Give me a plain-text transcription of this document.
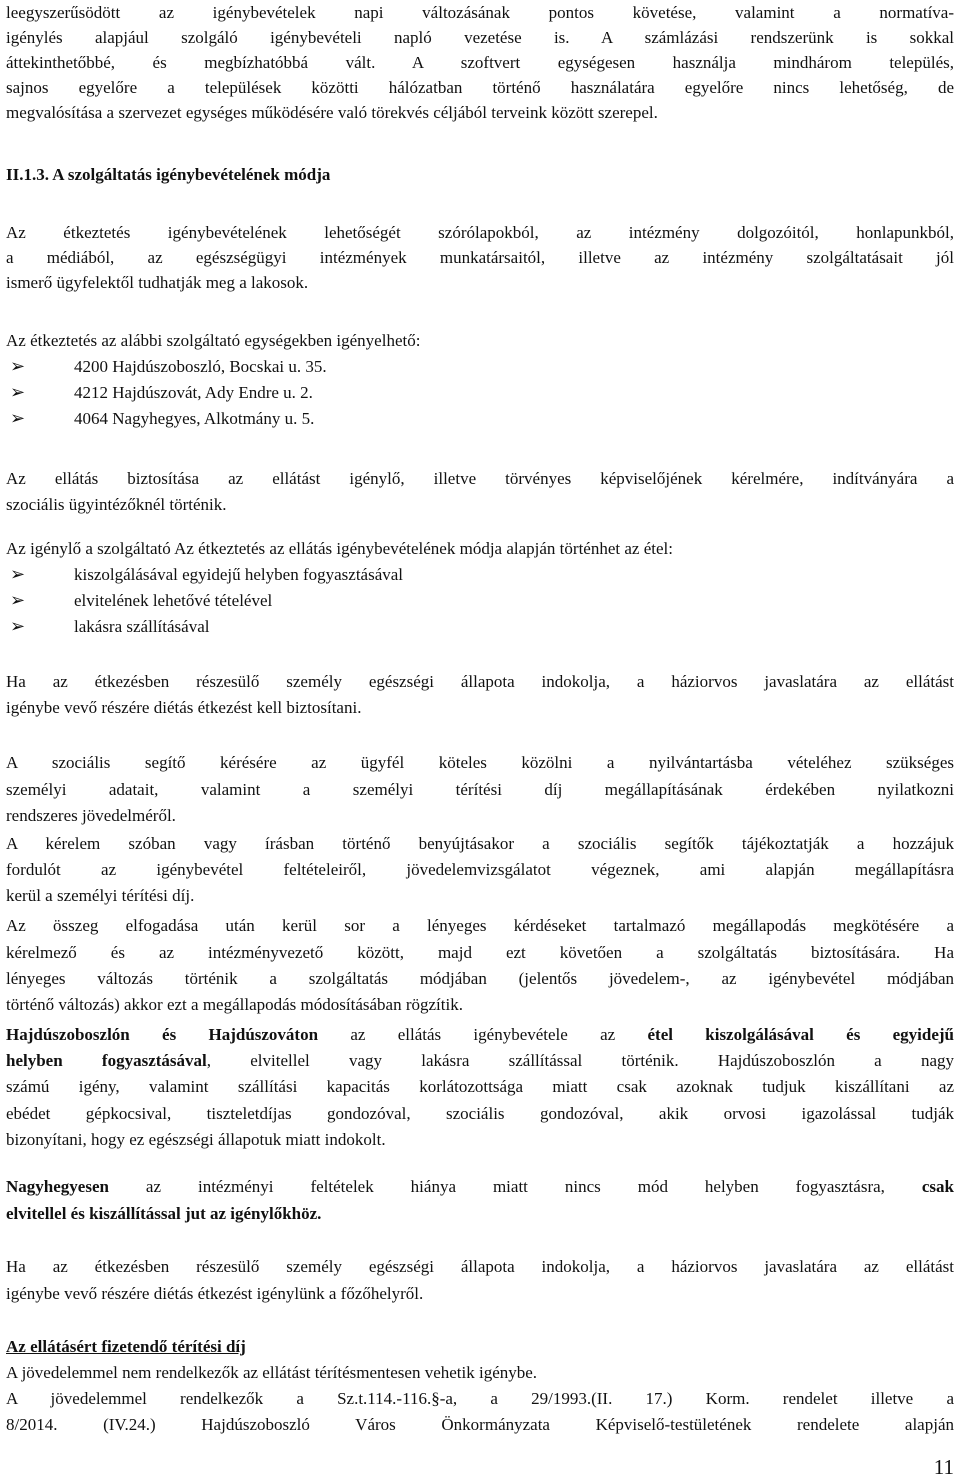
leegyszerűsödött az igénybevételek napi változásának pontos követése, valamint a normatíva-

igénylés alapjául szolgáló igénybevételi napló vezetése is. A számlázási rendszerünk is sokkal

áttekinthetőbbé, és megbízhatóbbá vált. A szoftvert egységesen használja mindhárom település,

sajnos egyelőre a települések közötti hálózatban történő használatára egyelőre nincs lehetőség, de

megvalósítása a szervezet egységes működésére való törekvés céljából terveink között szerepel.

II.1.3. A szolgáltatás igénybevételének módja

Az étkeztetés igénybevételének lehetőségét szórólapokból, az intézmény dolgozóitól, honlapunkból,

a médiából, az egészségügyi intézmények munkatársaitól, illetve az intézmény szolgáltatásait jól

ismerő ügyfelektől tudhatják meg a lakosok.

Az étkeztetés az alábbi szolgáltató egységekben igényelhető:

➢	4200 Hajdúszoboszló, Bocskai u. 35.
➢	4212 Hajdúszovát, Ady Endre u. 2.
➢	4064 Nagyhegyes, Alkotmány u. 5.

Az ellátás biztosítása az ellátást igénylő, illetve törvényes képviselőjének kérelmére, indítványára a

szociális ügyintézőknél történik.

Az igénylő a szolgáltató Az étkeztetés az ellátás igénybevételének módja alapján történhet az étel:

➢	kiszolgálásával egyidejű helyben fogyasztásával
➢	elvitelének lehetővé tételével
➢	lakásra szállításával

Ha az étkezésben részesülő személy egészségi állapota indokolja, a háziorvos javaslatára az ellátást

igénybe vevő részére diétás étkezést kell biztosítani.

A szociális segítő kérésére az ügyfél köteles közölni a nyilvántartásba vételéhez szükséges

személyi adatait, valamint a személyi térítési díj megállapításának érdekében nyilatkozni

rendszeres jövedelméről.

A kérelem szóban vagy írásban történő benyújtásakor a szociális segítők tájékoztatják a hozzájuk

fordulót az igénybevétel feltételeiről, jövedelemvizsgálatot végeznek, ami alapján megállapításra

kerül a személyi térítési díj.

Az összeg elfogadása után kerül sor a lényeges kérdéseket tartalmazó megállapodás megkötésére a

kérelmező és az intézményvezető között, majd ezt követően a szolgáltatás biztosítására. Ha

lényeges változás történik a szolgáltatás módjában (jelentős jövedelem-, az igénybevétel módjában

történő változás) akkor ezt a megállapodás módosításában rögzítik.

Hajdúszoboszlón és Hajdúszováton az ellátás igénybevétele az étel kiszolgálásával és egyidejű

helyben fogyasztásával, elvitellel vagy lakásra szállítással történik. Hajdúszoboszlón a nagy

számú igény, valamint szállítási kapacitás korlátozottsága miatt csak azoknak tudjuk kiszállítani az

ebédet gépkocsival, tiszteletdíjas gondozóval, szociális gondozóval, akik orvosi igazolással tudják

bizonyítani, hogy ez egészségi állapotuk miatt indokolt.

Nagyhegyesen az intézményi feltételek hiánya miatt nincs mód helyben fogyasztásra, csak

elvitellel és kiszállítással jut az igénylőkhöz.

Ha az étkezésben részesülő személy egészségi állapota indokolja, a háziorvos javaslatára az ellátást

igénybe vevő részére diétás étkezést igénylünk a főzőhelyről.

Az ellátásért fizetendő térítési díj

A jövedelemmel nem rendelkezők az ellátást térítésmentesen vehetik igénybe.

A jövedelemmel rendelkezők a Sz.t.114.-116.§-a, a 29/1993.(II. 17.) Korm. rendelet illetve a

8/2014. (IV.24.) Hajdúszoboszló Város Önkormányzata Képviselő-testületének rendelete alapján

11
